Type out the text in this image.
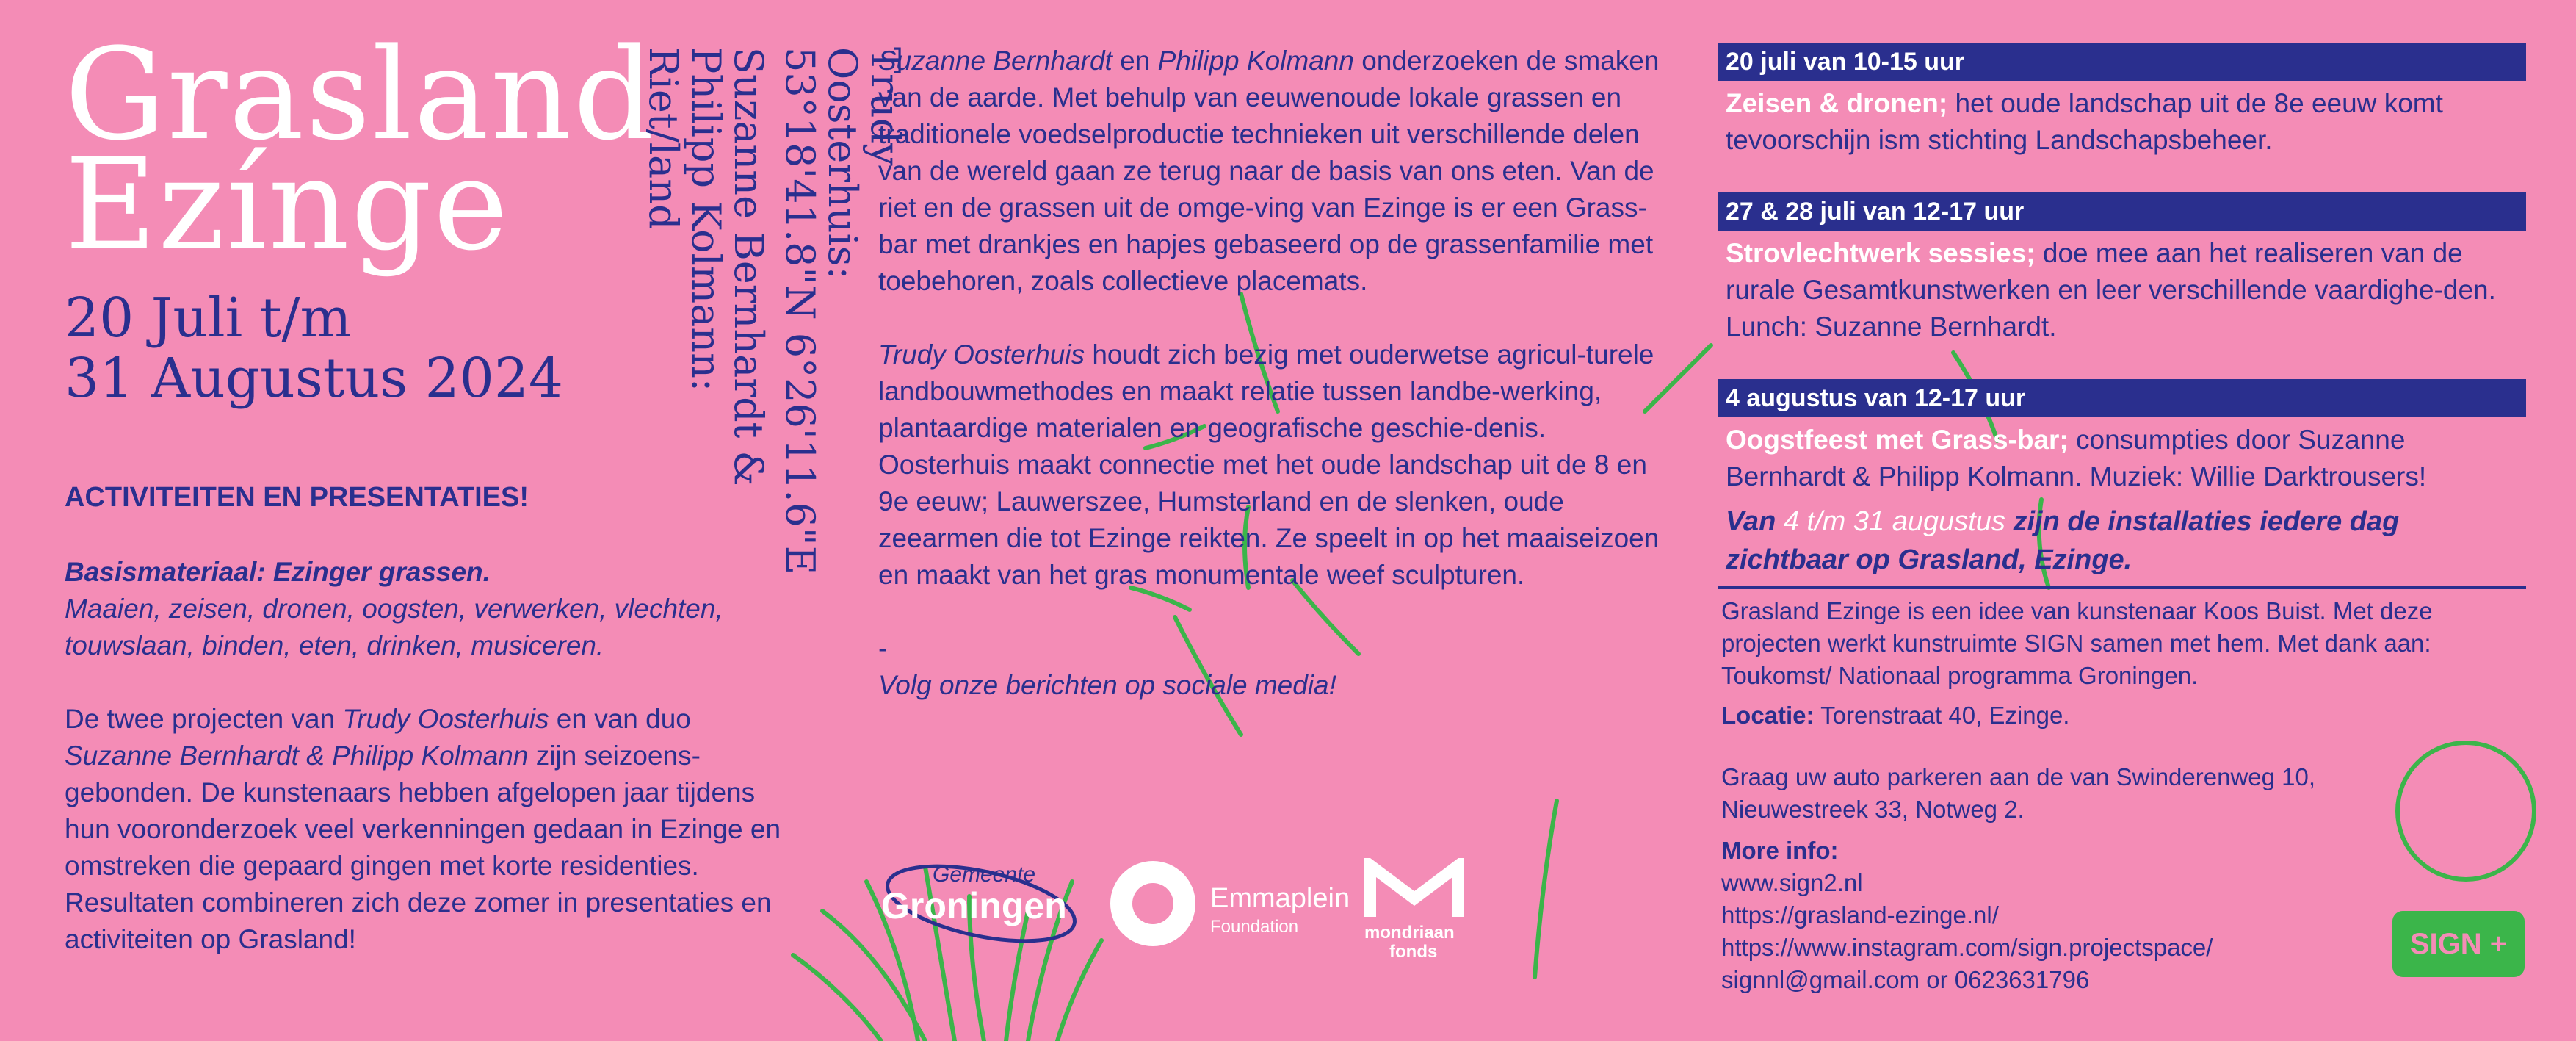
Grasland
Ezínge
20 Juli t/m
31 Augustus 2024
Trudy
Oosterhuis:
53°18'41.8"N 6°26'11.6"E
Suzanne Bernhardt &
Philipp Kolmann:
Riet/land
ACTIVITEITEN EN PRESENTATIES!

Basismateriaal: Ezinger grassen.

Maaien, zeisen, dronen, oogsten, verwerken, vlechten, touwslaan, binden, eten, drinken, musiceren.

De twee projecten van Trudy Oosterhuis en van duo Suzanne Bernhardt & Philipp Kolmann zijn seizoens-gebonden. De kunstenaars hebben afgelopen jaar tijdens hun vooronderzoek veel verkenningen gedaan in Ezinge en omstreken die gepaard gingen met korte residenties. Resultaten combineren zich deze zomer in presentaties en activiteiten op Grasland!

Suzanne Bernhardt en Philipp Kolmann onderzoeken de smaken van de aarde. Met behulp van eeuwenoude lokale grassen en traditionele voedselproductie technieken uit verschillende delen van de wereld gaan ze terug naar de basis van ons eten. Van de riet en de grassen uit de omge-ving van Ezinge is er een Grass-bar met drankjes en hapjes gebaseerd op de grassenfamilie met toebehoren, zoals collectieve placemats.

Trudy Oosterhuis houdt zich bezig met ouderwetse agricul-turele landbouwmethodes en maakt relatie tussen landbe-werking, plantaardige materialen en geografische geschie-denis. Oosterhuis maakt connectie met het oude landschap uit de 8 en 9e eeuw; Lauwerszee, Humsterland en de slenken, oude zeearmen die tot Ezinge reikten. Ze speelt in op het maaiseizoen en maakt van het gras monumentale weef sculpturen.

-

Volg onze berichten op sociale media!

20 juli van 10-15 uur
Zeisen & dronen; het oude landschap uit de 8e eeuw komt tevoorschijn ism stichting Landschapsbeheer.
27 & 28 juli van 12-17 uur
Strovlechtwerk sessies; doe mee aan het realiseren van de rurale Gesamtkunstwerken en leer verschillende vaardighe-den. Lunch: Suzanne Bernhardt.
4 augustus van 12-17 uur
Oogstfeest met Grass-bar; consumpties door Suzanne Bernhardt & Philipp Kolmann. Muziek: Willie Darktrousers!
Van 4 t/m 31 augustus zijn de installaties iedere dag zichtbaar op Grasland, Ezinge.

Grasland Ezinge is een idee van kunstenaar Koos Buist. Met deze projecten werkt kunstruimte SIGN samen met hem. Met dank aan: Toukomst/ Nationaal programma Groningen.

Locatie: Torenstraat 40, Ezinge.

Graag uw auto parkeren aan de van Swinderenweg 10, Nieuwestreek 33, Notweg 2.

More info:

www.sign2.nl

https://grasland-ezinge.nl/

https://www.instagram.com/sign.projectspace/

signnl@gmail.com or 0623631796

Gemeente
Groningen	Emmaplein
Foundation	mondriaan
fonds	SIGN +
